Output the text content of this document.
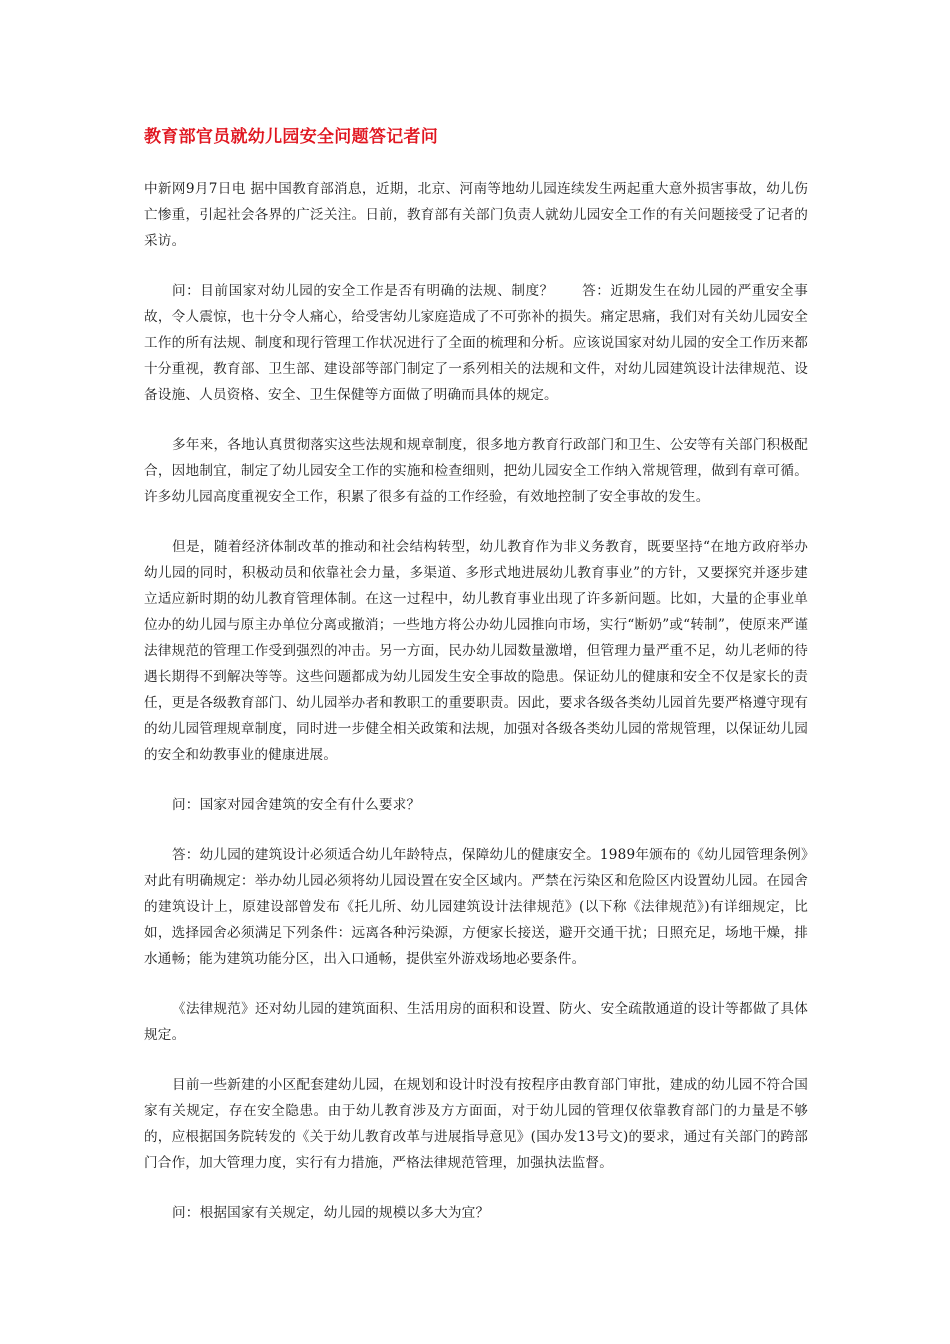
教育部官员就幼儿园安全问题答记者问

中新网9月7日电 据中国教育部消息，近期，北京、河南等地幼儿园连续发生两起重大意外损害事故，幼儿伤亡惨重，引起社会各界的广泛关注。日前，教育部有关部门负责人就幼儿园安全工作的有关问题接受了记者的采访。

问：目前国家对幼儿园的安全工作是否有明确的法规、制度？　　答：近期发生在幼儿园的严重安全事故，令人震惊，也十分令人痛心，给受害幼儿家庭造成了不可弥补的损失。痛定思痛，我们对有关幼儿园安全工作的所有法规、制度和现行管理工作状况进行了全面的梳理和分析。应该说国家对幼儿园的安全工作历来都十分重视，教育部、卫生部、建设部等部门制定了一系列相关的法规和文件，对幼儿园建筑设计法律规范、设备设施、人员资格、安全、卫生保健等方面做了明确而具体的规定。

多年来，各地认真贯彻落实这些法规和规章制度，很多地方教育行政部门和卫生、公安等有关部门积极配合，因地制宜，制定了幼儿园安全工作的实施和检查细则，把幼儿园安全工作纳入常规管理，做到有章可循。许多幼儿园高度重视安全工作，积累了很多有益的工作经验，有效地控制了安全事故的发生。

但是，随着经济体制改革的推动和社会结构转型，幼儿教育作为非义务教育，既要坚持“在地方政府举办幼儿园的同时，积极动员和依靠社会力量，多渠道、多形式地进展幼儿教育事业”的方针，又要探究并逐步建立适应新时期的幼儿教育管理体制。在这一过程中，幼儿教育事业出现了许多新问题。比如，大量的企事业单位办的幼儿园与原主办单位分离或撤消；一些地方将公办幼儿园推向市场，实行“断奶”或“转制”，使原来严谨法律规范的管理工作受到强烈的冲击。另一方面，民办幼儿园数量激增，但管理力量严重不足，幼儿老师的待遇长期得不到解决等等。这些问题都成为幼儿园发生安全事故的隐患。保证幼儿的健康和安全不仅是家长的责任，更是各级教育部门、幼儿园举办者和教职工的重要职责。因此，要求各级各类幼儿园首先要严格遵守现有的幼儿园管理规章制度，同时进一步健全相关政策和法规，加强对各级各类幼儿园的常规管理，以保证幼儿园的安全和幼教事业的健康进展。

问：国家对园舍建筑的安全有什么要求？

答：幼儿园的建筑设计必须适合幼儿年龄特点，保障幼儿的健康安全。1989年颁布的《幼儿园管理条例》对此有明确规定：举办幼儿园必须将幼儿园设置在安全区域内。严禁在污染区和危险区内设置幼儿园。在园舍的建筑设计上，原建设部曾发布《托儿所、幼儿园建筑设计法律规范》(以下称《法律规范》)有详细规定，比如，选择园舍必须满足下列条件：远离各种污染源，方便家长接送，避开交通干扰；日照充足，场地干燥，排水通畅；能为建筑功能分区，出入口通畅，提供室外游戏场地必要条件。

《法律规范》还对幼儿园的建筑面积、生活用房的面积和设置、防火、安全疏散通道的设计等都做了具体规定。

目前一些新建的小区配套建幼儿园，在规划和设计时没有按程序由教育部门审批，建成的幼儿园不符合国家有关规定，存在安全隐患。由于幼儿教育涉及方方面面，对于幼儿园的管理仅依靠教育部门的力量是不够的，应根据国务院转发的《关于幼儿教育改革与进展指导意见》(国办发13号文)的要求，通过有关部门的跨部门合作，加大管理力度，实行有力措施，严格法律规范管理，加强执法监督。

问：根据国家有关规定，幼儿园的规模以多大为宜？
